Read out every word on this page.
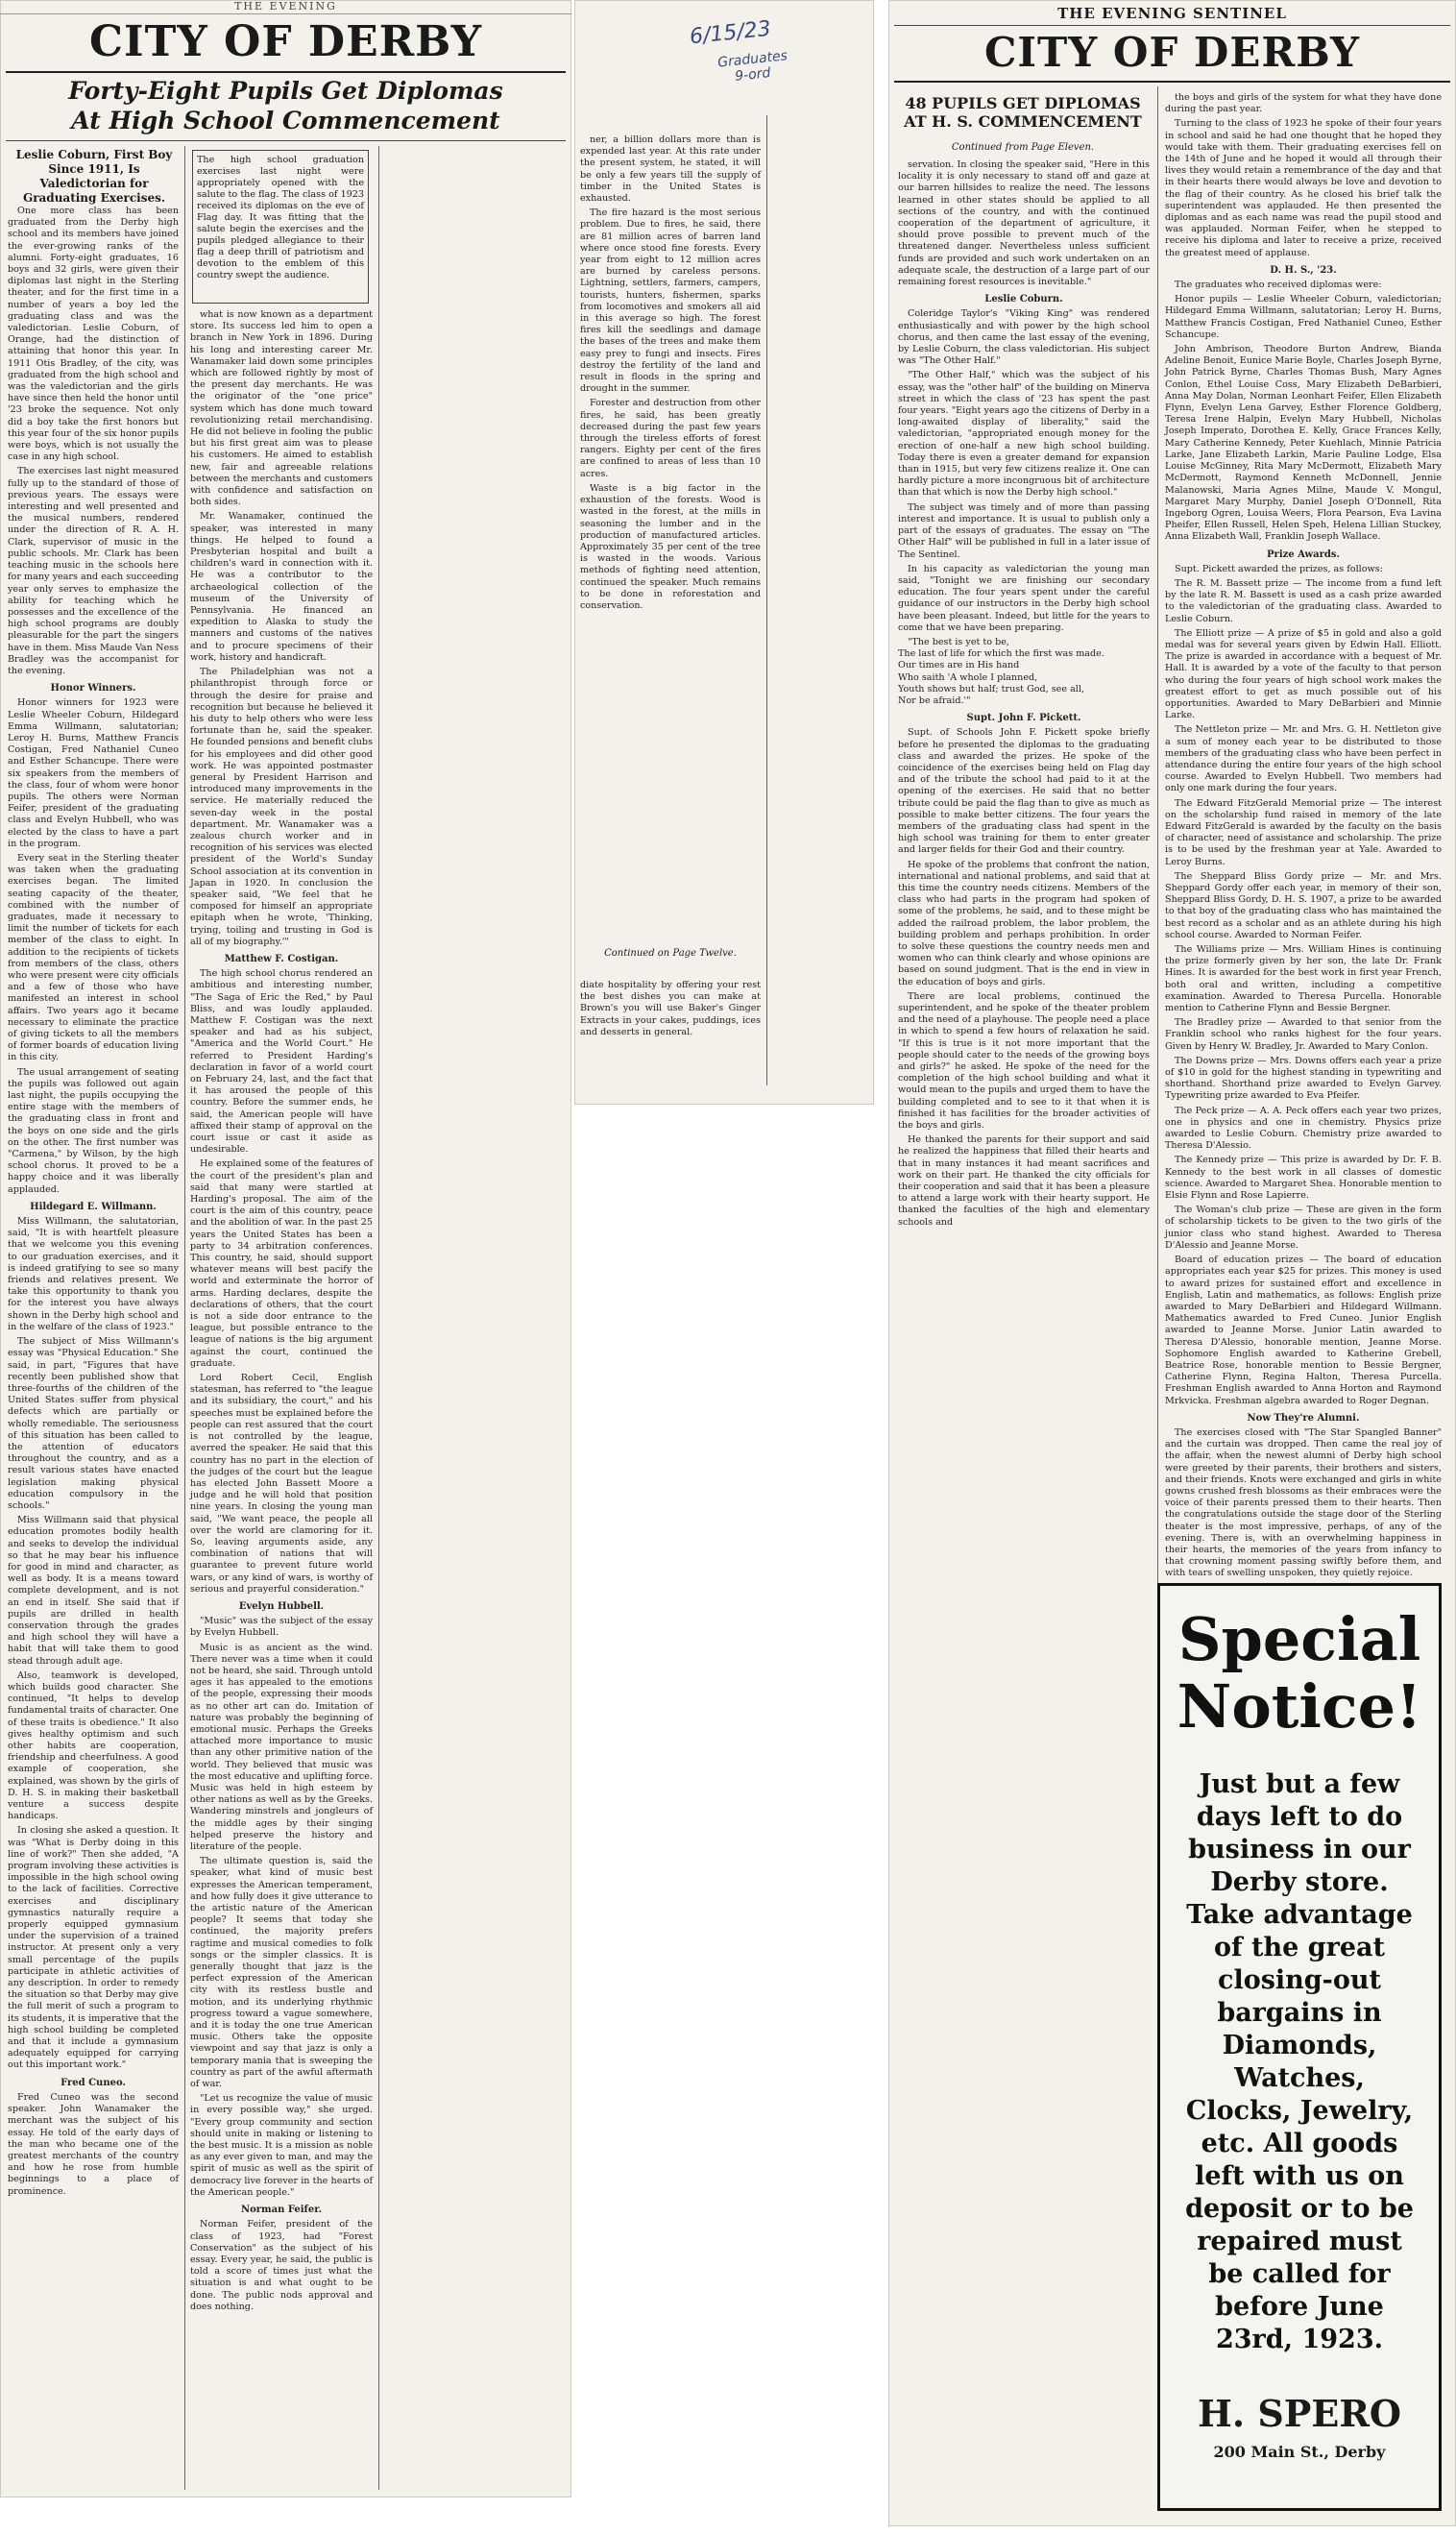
THE EVENING
CITY OF DERBY
Forty-Eight Pupils Get Diplomas
At High School Commencement
Leslie Coburn, First Boy Since 1911, Is Valedictorian for Graduating Exercises.

One more class has been graduated from the Derby high school and its members have joined the ever-growing ranks of the alumni. Forty-eight graduates, 16 boys and 32 girls, were given their diplomas last night in the Sterling theater, and for the first time in a number of years a boy led the graduating class and was the valedictorian. Leslie Coburn, of Orange, had the distinction of attaining that honor this year. In 1911 Otis Bradley, of the city, was graduated from the high school and was the valedictorian and the girls have since then held the honor until '23 broke the sequence. Not only did a boy take the first honors but this year four of the six honor pupils were boys, which is not usually the case in any high school.

The exercises last night measured fully up to the standard of those of previous years. The essays were interesting and well presented and the musical numbers, rendered under the direction of R. A. H. Clark, supervisor of music in the public schools. Mr. Clark has been teaching music in the schools here for many years and each succeeding year only serves to emphasize the ability for teaching which he possesses and the excellence of the high school programs are doubly pleasurable for the part the singers have in them. Miss Maude Van Ness Bradley was the accompanist for the evening.

Honor Winners.

Honor winners for 1923 were Leslie Wheeler Coburn, Hildegard Emma Willmann, salutatorian; Leroy H. Burns, Matthew Francis Costigan, Fred Nathaniel Cuneo and Esther Schancupe. There were six speakers from the members of the class, four of whom were honor pupils. The others were Norman Feifer, president of the graduating class and Evelyn Hubbell, who was elected by the class to have a part in the program.

Every seat in the Sterling theater was taken when the graduating exercises began. The limited seating capacity of the theater, combined with the number of graduates, made it necessary to limit the number of tickets for each member of the class to eight. In addition to the recipients of tickets from members of the class, others who were present were city officials and a few of those who have manifested an interest in school affairs. Two years ago it became necessary to eliminate the practice of giving tickets to all the members of former boards of education living in this city.

The usual arrangement of seating the pupils was followed out again last night, the pupils occupying the entire stage with the members of the graduating class in front and the boys on one side and the girls on the other. The first number was "Carmena," by Wilson, by the high school chorus. It proved to be a happy choice and it was liberally applauded.

Hildegard E. Willmann.

Miss Willmann, the salutatorian, said, "It is with heartfelt pleasure that we welcome you this evening to our graduation exercises, and it is indeed gratifying to see so many friends and relatives present. We take this opportunity to thank you for the interest you have always shown in the Derby high school and in the welfare of the class of 1923."

The subject of Miss Willmann's essay was "Physical Education." She said, in part, "Figures that have recently been published show that three-fourths of the children of the United States suffer from physical defects which are partially or wholly remediable. The seriousness of this situation has been called to the attention of educators throughout the country, and as a result various states have enacted legislation making physical education compulsory in the schools."

Miss Willmann said that physical education promotes bodily health and seeks to develop the individual so that he may bear his influence for good in mind and character, as well as body. It is a means toward complete development, and is not an end in itself. She said that if pupils are drilled in health conservation through the grades and high school they will have a habit that will take them to good stead through adult age.

Also, teamwork is developed, which builds good character. She continued, "It helps to develop fundamental traits of character. One of these traits is obedience." It also gives healthy optimism and such other habits are cooperation, friendship and cheerfulness. A good example of cooperation, she explained, was shown by the girls of D. H. S. in making their basketball venture a success despite handicaps.

In closing she asked a question. It was "What is Derby doing in this line of work?" Then she added, "A program involving these activities is impossible in the high school owing to the lack of facilities. Corrective exercises and disciplinary gymnastics naturally require a properly equipped gymnasium under the supervision of a trained instructor. At present only a very small percentage of the pupils participate in athletic activities of any description. In order to remedy the situation so that Derby may give the full merit of such a program to its students, it is imperative that the high school building be completed and that it include a gymnasium adequately equipped for carrying out this important work."

Fred Cuneo.

Fred Cuneo was the second speaker. John Wanamaker the merchant was the subject of his essay. He told of the early days of the man who became one of the greatest merchants of the country and how he rose from humble beginnings to a place of prominence.

The high school graduation exercises last night were appropriately opened with the salute to the flag. The class of 1923 received its diplomas on the eve of Flag day. It was fitting that the salute begin the exercises and the pupils pledged allegiance to their flag a deep thrill of patriotism and devotion to the emblem of this country swept the audience.

what is now known as a department store. Its success led him to open a branch in New York in 1896. During his long and interesting career Mr. Wanamaker laid down some principles which are followed rightly by most of the present day merchants. He was the originator of the "one price" system which has done much toward revolutionizing retail merchandising. He did not believe in fooling the public but his first great aim was to please his customers. He aimed to establish new, fair and agreeable relations between the merchants and customers with confidence and satisfaction on both sides.

Mr. Wanamaker, continued the speaker, was interested in many things. He helped to found a Presbyterian hospital and built a children's ward in connection with it. He was a contributor to the archaeological collection of the museum of the University of Pennsylvania. He financed an expedition to Alaska to study the manners and customs of the natives and to procure specimens of their work, history and handicraft.

The Philadelphian was not a philanthropist through force or through the desire for praise and recognition but because he believed it his duty to help others who were less fortunate than he, said the speaker. He founded pensions and benefit clubs for his employees and did other good work. He was appointed postmaster general by President Harrison and introduced many improvements in the service. He materially reduced the seven-day week in the postal department. Mr. Wanamaker was a zealous church worker and in recognition of his services was elected president of the World's Sunday School association at its convention in Japan in 1920. In conclusion the speaker said, "We feel that he composed for himself an appropriate epitaph when he wrote, 'Thinking, trying, toiling and trusting in God is all of my biography.'"

Matthew F. Costigan.

The high school chorus rendered an ambitious and interesting number, "The Saga of Eric the Red," by Paul Bliss, and was loudly applauded. Matthew F. Costigan was the next speaker and had as his subject, "America and the World Court." He referred to President Harding's declaration in favor of a world court on February 24, last, and the fact that it has aroused the people of this country. Before the summer ends, he said, the American people will have affixed their stamp of approval on the court issue or cast it aside as undesirable.

He explained some of the features of the court of the president's plan and said that many were startled at Harding's proposal. The aim of the court is the aim of this country, peace and the abolition of war. In the past 25 years the United States has been a party to 34 arbitration conferences. This country, he said, should support whatever means will best pacify the world and exterminate the horror of arms. Harding declares, despite the declarations of others, that the court is not a side door entrance to the league, but possible entrance to the league of nations is the big argument against the court, continued the graduate.

Lord Robert Cecil, English statesman, has referred to "the league and its subsidiary, the court," and his speeches must be explained before the people can rest assured that the court is not controlled by the league, averred the speaker. He said that this country has no part in the election of the judges of the court but the league has elected John Bassett Moore a judge and he will hold that position nine years. In closing the young man said, "We want peace, the people all over the world are clamoring for it. So, leaving arguments aside, any combination of nations that will guarantee to prevent future world wars, or any kind of wars, is worthy of serious and prayerful consideration."

Evelyn Hubbell.

"Music" was the subject of the essay by Evelyn Hubbell.

Music is as ancient as the wind. There never was a time when it could not be heard, she said. Through untold ages it has appealed to the emotions of the people, expressing their moods as no other art can do. Imitation of nature was probably the beginning of emotional music. Perhaps the Greeks attached more importance to music than any other primitive nation of the world. They believed that music was the most educative and uplifting force. Music was held in high esteem by other nations as well as by the Greeks. Wandering minstrels and jongleurs of the middle ages by their singing helped preserve the history and literature of the people.

The ultimate question is, said the speaker, what kind of music best expresses the American temperament, and how fully does it give utterance to the artistic nature of the American people? It seems that today she continued, the majority prefers ragtime and musical comedies to folk songs or the simpler classics. It is generally thought that jazz is the perfect expression of the American city with its restless bustle and motion, and its underlying rhythmic progress toward a vague somewhere, and it is today the one true American music. Others take the opposite viewpoint and say that jazz is only a temporary mania that is sweeping the country as part of the awful aftermath of war.

"Let us recognize the value of music in every possible way," she urged. "Every group community and section should unite in making or listening to the best music. It is a mission as noble as any ever given to man, and may the spirit of music as well as the spirit of democracy live forever in the hearts of the American people."

Norman Feifer.

Norman Feifer, president of the class of 1923, had "Forest Conservation" as the subject of his essay. Every year, he said, the public is told a score of times just what the situation is and what ought to be done. The public nods approval and does nothing.

6/15/23
Graduates 9-ord

ner, a billion dollars more than is expended last year. At this rate under the present system, he stated, it will be only a few years till the supply of timber in the United States is exhausted.

The fire hazard is the most serious problem. Due to fires, he said, there are 81 million acres of barren land where once stood fine forests. Every year from eight to 12 million acres are burned by careless persons. Lightning, settlers, farmers, campers, tourists, hunters, fishermen, sparks from locomotives and smokers all aid in this average so high. The forest fires kill the seedlings and damage the bases of the trees and make them easy prey to fungi and insects. Fires destroy the fertility of the land and result in floods in the spring and drought in the summer.

Forester and destruction from other fires, he said, has been greatly decreased during the past few years through the tireless efforts of forest rangers. Eighty per cent of the fires are confined to areas of less than 10 acres.

Waste is a big factor in the exhaustion of the forests. Wood is wasted in the forest, at the mills in seasoning the lumber and in the production of manufactured articles. Approximately 35 per cent of the tree is wasted in the woods. Various methods of fighting need attention, continued the speaker. Much remains to be done in reforestation and conservation.

Continued on Page Twelve.
diate hospitality by offering your rest the best dishes you can make at Brown's you will use Baker's Ginger Extracts in your cakes, puddings, ices and desserts in general.
THE EVENING SENTINEL
CITY OF DERBY
48 PUPILS GET DIPLOMAS AT H. S. COMMENCEMENT
Continued from Page Eleven.

servation. In closing the speaker said, "Here in this locality it is only necessary to stand off and gaze at our barren hillsides to realize the need. The lessons learned in other states should be applied to all sections of the country, and with the continued cooperation of the department of agriculture, it should prove possible to prevent much of the threatened danger. Nevertheless unless sufficient funds are provided and such work undertaken on an adequate scale, the destruction of a large part of our remaining forest resources is inevitable."

Leslie Coburn.

Coleridge Taylor's "Viking King" was rendered enthusiastically and with power by the high school chorus, and then came the last essay of the evening, by Leslie Coburn, the class valedictorian. His subject was "The Other Half."

"The Other Half," which was the subject of his essay, was the "other half" of the building on Minerva street in which the class of '23 has spent the past four years. "Eight years ago the citizens of Derby in a long-awaited display of liberality," said the valedictorian, "appropriated enough money for the erection of one-half a new high school building. Today there is even a greater demand for expansion than in 1915, but very few citizens realize it. One can hardly picture a more incongruous bit of architecture than that which is now the Derby high school."

The subject was timely and of more than passing interest and importance. It is usual to publish only a part of the essays of graduates. The essay on "The Other Half" will be published in full in a later issue of The Sentinel.

In his capacity as valedictorian the young man said, "Tonight we are finishing our secondary education. The four years spent under the careful guidance of our instructors in the Derby high school have been pleasant. Indeed, but little for the years to come that we have been preparing.

"The best is yet to be,
The last of life for which the first was made.
Our times are in His hand
Who saith 'A whole I planned,
Youth shows but half; trust God, see all,
Nor be afraid.'"

Supt. John F. Pickett.

Supt. of Schools John F. Pickett spoke briefly before he presented the diplomas to the graduating class and awarded the prizes. He spoke of the coincidence of the exercises being held on Flag day and of the tribute the school had paid to it at the opening of the exercises. He said that no better tribute could be paid the flag than to give as much as possible to make better citizens. The four years the members of the graduating class had spent in the high school was training for them to enter greater and larger fields for their God and their country.

He spoke of the problems that confront the nation, international and national problems, and said that at this time the country needs citizens. Members of the class who had parts in the program had spoken of some of the problems, he said, and to these might be added the railroad problem, the labor problem, the building problem and perhaps prohibition. In order to solve these questions the country needs men and women who can think clearly and whose opinions are based on sound judgment. That is the end in view in the education of boys and girls.

There are local problems, continued the superintendent, and he spoke of the theater problem and the need of a playhouse. The people need a place in which to spend a few hours of relaxation he said. "If this is true is it not more important that the people should cater to the needs of the growing boys and girls?" he asked. He spoke of the need for the completion of the high school building and what it would mean to the pupils and urged them to have the building completed and to see to it that when it is finished it has facilities for the broader activities of the boys and girls.

He thanked the parents for their support and said he realized the happiness that filled their hearts and that in many instances it had meant sacrifices and work on their part. He thanked the city officials for their cooperation and said that it has been a pleasure to attend a large work with their hearty support. He thanked the faculties of the high and elementary schools and

the boys and girls of the system for what they have done during the past year.

Turning to the class of 1923 he spoke of their four years in school and said he had one thought that he hoped they would take with them. Their graduating exercises fell on the 14th of June and he hoped it would all through their lives they would retain a remembrance of the day and that in their hearts there would always be love and devotion to the flag of their country. As he closed his brief talk the superintendent was applauded. He then presented the diplomas and as each name was read the pupil stood and was applauded. Norman Feifer, when he stepped to receive his diploma and later to receive a prize, received the greatest meed of applause.

D. H. S., '23.

The graduates who received diplomas were:

Honor pupils — Leslie Wheeler Coburn, valedictorian; Hildegard Emma Willmann, salutatorian; Leroy H. Burns, Matthew Francis Costigan, Fred Nathaniel Cuneo, Esther Schancupe.

John Ambrison, Theodore Burton Andrew, Bianda Adeline Benoit, Eunice Marie Boyle, Charles Joseph Byrne, John Patrick Byrne, Charles Thomas Bush, Mary Agnes Conlon, Ethel Louise Coss, Mary Elizabeth DeBarbieri, Anna May Dolan, Norman Leonhart Feifer, Ellen Elizabeth Flynn, Evelyn Lena Garvey, Esther Florence Goldberg, Teresa Irene Halpin, Evelyn Mary Hubbell, Nicholas Joseph Imperato, Dorothea E. Kelly, Grace Frances Kelly, Mary Catherine Kennedy, Peter Kuehlach, Minnie Patricia Larke, Jane Elizabeth Larkin, Marie Pauline Lodge, Elsa Louise McGinney, Rita Mary McDermott, Elizabeth Mary McDermott, Raymond Kenneth McDonnell, Jennie Malanowski, Maria Agnes Milne, Maude V. Mongul, Margaret Mary Murphy, Daniel Joseph O'Donnell, Rita Ingeborg Ogren, Louisa Weers, Flora Pearson, Eva Lavina Pheifer, Ellen Russell, Helen Speh, Helena Lillian Stuckey, Anna Elizabeth Wall, Franklin Joseph Wallace.

Prize Awards.

Supt. Pickett awarded the prizes, as follows:

The R. M. Bassett prize — The income from a fund left by the late R. M. Bassett is used as a cash prize awarded to the valedictorian of the graduating class. Awarded to Leslie Coburn.

The Elliott prize — A prize of $5 in gold and also a gold medal was for several years given by Edwin Hall. Elliott. The prize is awarded in accordance with a bequest of Mr. Hall. It is awarded by a vote of the faculty to that person who during the four years of high school work makes the greatest effort to get as much possible out of his opportunities. Awarded to Mary DeBarbieri and Minnie Larke.

The Nettleton prize — Mr. and Mrs. G. H. Nettleton give a sum of money each year to be distributed to those members of the graduating class who have been perfect in attendance during the entire four years of the high school course. Awarded to Evelyn Hubbell. Two members had only one mark during the four years.

The Edward FitzGerald Memorial prize — The interest on the scholarship fund raised in memory of the late Edward FitzGerald is awarded by the faculty on the basis of character, need of assistance and scholarship. The prize is to be used by the freshman year at Yale. Awarded to Leroy Burns.

The Sheppard Bliss Gordy prize — Mr. and Mrs. Sheppard Gordy offer each year, in memory of their son, Sheppard Bliss Gordy, D. H. S. 1907, a prize to be awarded to that boy of the graduating class who has maintained the best record as a scholar and as an athlete during his high school course. Awarded to Norman Feifer.

The Williams prize — Mrs. William Hines is continuing the prize formerly given by her son, the late Dr. Frank Hines. It is awarded for the best work in first year French, both oral and written, including a competitive examination. Awarded to Theresa Purcella. Honorable mention to Catherine Flynn and Bessie Bergner.

The Bradley prize — Awarded to that senior from the Franklin school who ranks highest for the four years. Given by Henry W. Bradley, Jr. Awarded to Mary Conlon.

The Downs prize — Mrs. Downs offers each year a prize of $10 in gold for the highest standing in typewriting and shorthand. Shorthand prize awarded to Evelyn Garvey. Typewriting prize awarded to Eva Pfeifer.

The Peck prize — A. A. Peck offers each year two prizes, one in physics and one in chemistry. Physics prize awarded to Leslie Coburn. Chemistry prize awarded to Theresa D'Alessio.

The Kennedy prize — This prize is awarded by Dr. F. B. Kennedy to the best work in all classes of domestic science. Awarded to Margaret Shea. Honorable mention to Elsie Flynn and Rose Lapierre.

The Woman's club prize — These are given in the form of scholarship tickets to be given to the two girls of the junior class who stand highest. Awarded to Theresa D'Alessio and Jeanne Morse.

Board of education prizes — The board of education appropriates each year $25 for prizes. This money is used to award prizes for sustained effort and excellence in English, Latin and mathematics, as follows: English prize awarded to Mary DeBarbieri and Hildegard Willmann. Mathematics awarded to Fred Cuneo. Junior English awarded to Jeanne Morse. Junior Latin awarded to Theresa D'Alessio, honorable mention, Jeanne Morse. Sophomore English awarded to Katherine Grebell, Beatrice Rose, honorable mention to Bessie Bergner, Catherine Flynn, Regina Halton, Theresa Purcella. Freshman English awarded to Anna Horton and Raymond Mrkvicka. Freshman algebra awarded to Roger Degnan.

Now They're Alumni.

The exercises closed with "The Star Spangled Banner" and the curtain was dropped. Then came the real joy of the affair, when the newest alumni of Derby high school were greeted by their parents, their brothers and sisters, and their friends. Knots were exchanged and girls in white gowns crushed fresh blossoms as their embraces were the voice of their parents pressed them to their hearts. Then the congratulations outside the stage door of the Sterling theater is the most impressive, perhaps, of any of the evening. There is, with an overwhelming happiness in their hearts, the memories of the years from infancy to that crowning moment passing swiftly before them, and with tears of swelling unspoken, they quietly rejoice.

Special
Notice!
Just but a few days left to do business in our Derby store. Take advantage of the great closing-out bargains in Diamonds, Watches, Clocks, Jewelry, etc. All goods left with us on deposit or to be repaired must be called for before June 23rd, 1923.
H. SPERO
200 Main St., Derby
